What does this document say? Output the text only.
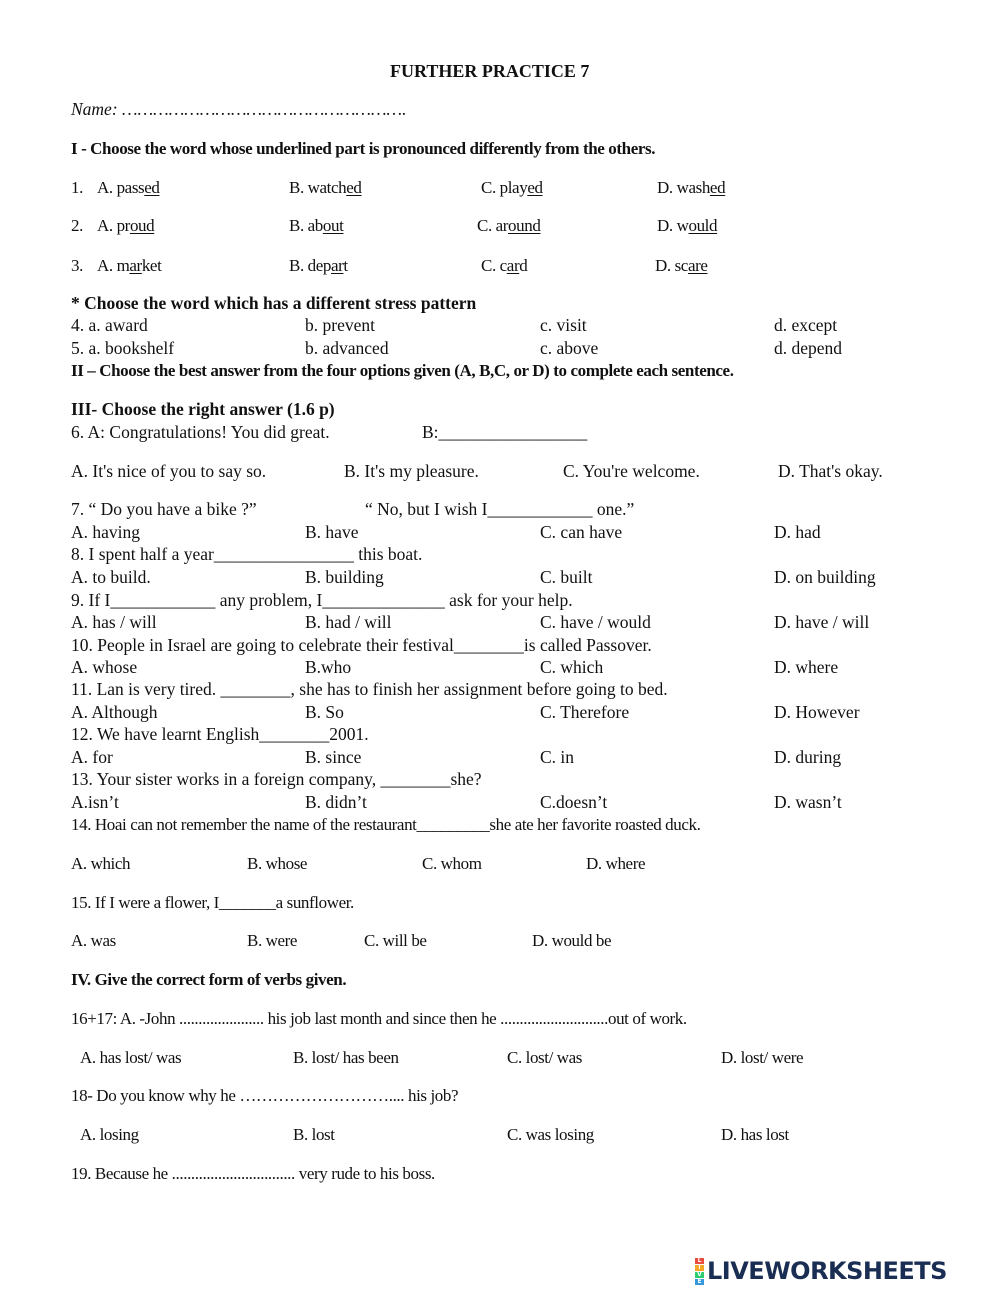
FURTHER PRACTICE 7
Name: ……………………………………………….
I - Choose the word whose underlined part is pronounced differently from the others.
1. A. passed	B. watched	C. played	D. washed
2. A. proud	B. about	C. around	D. would
3. A. market	B. depart	C. card	D. scare
* Choose the word which has a different stress pattern
4. a. award	b. prevent	c. visit	d. except
5. a. bookshelf	b. advanced	c. above	d. depend
II – Choose the best answer from the four options given (A, B,C, or D) to complete each sentence.
III- Choose the right answer (1.6 p)
6. A: Congratulations! You did great.	B:_________________
A. It's nice of you to say so.	B. It's my pleasure.	C. You're welcome.	D. That's okay.
7. “ Do you have a bike ?”	“ No, but I wish I____________ one.”
A. having	B. have	C. can have	D. had
8. I spent half a year________________ this boat.
A. to build.	B. building	C. built	D. on building
9. If I____________ any problem, I______________ ask for your help.
A. has / will	B. had / will	C. have / would	D. have / will
10. People in Israel are going to celebrate their festival________is called Passover.
A. whose	B.who	C. which	D. where
11. Lan is very tired. ________, she has to finish her assignment before going to bed.
A. Although	B. So	C. Therefore	D. However
12. We have learnt English________2001.
A. for	B. since	C. in	D. during
13. Your sister works in a foreign company, ________she?
A.isn’t	B. didn’t	C.doesn’t	D. wasn’t
14. Hoai can not remember the name of the restaurant_________she ate her favorite roasted duck.
A. which	B. whose	C. whom	D. where
15. If I were a flower, I_______a sunflower.
A. was	B. were	C. will be	D. would be
IV. Give the correct form of verbs given.
16+17: A. -John ...................... his job last month and since then he ............................out of work.
A. has lost/ was	B. lost/ has been	C. lost/ was	D. lost/ were
18- Do you know why he ……………………….... his job?
A. losing	B. lost	C. was losing	D. has lost
19. Because he ................................ very rude to his boss.
L
I
V
E LIVEWORKSHEETS
